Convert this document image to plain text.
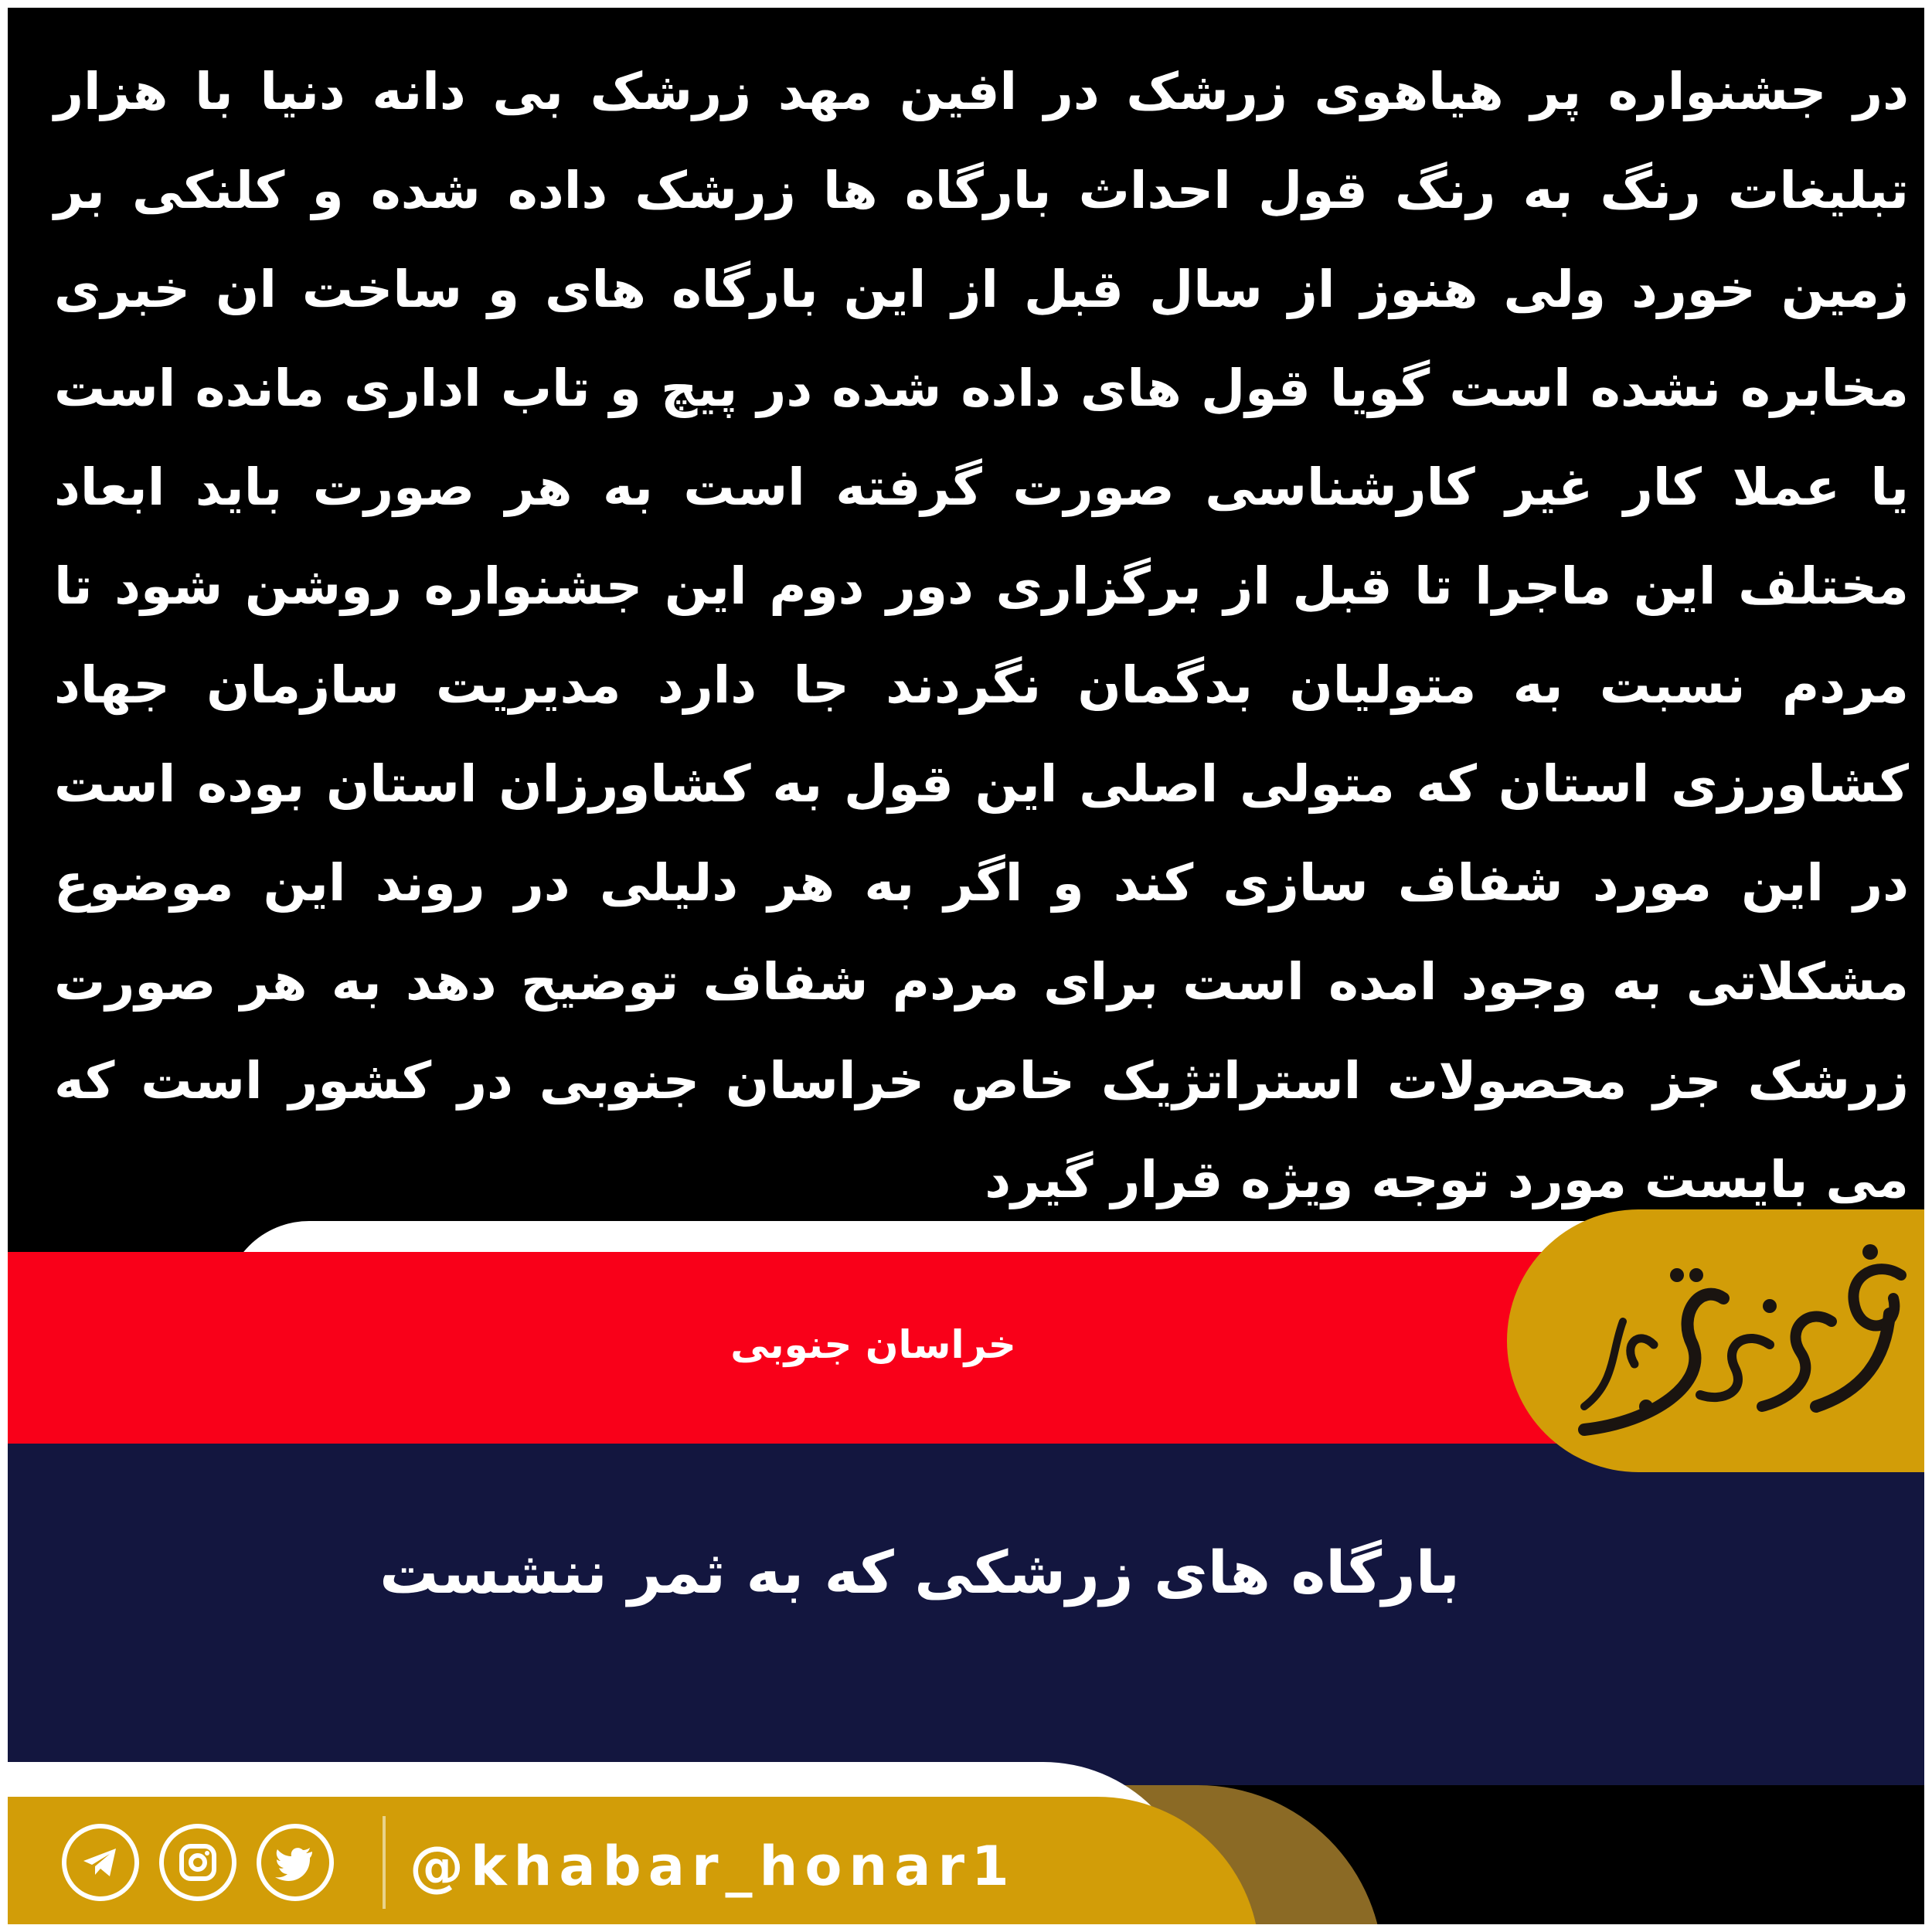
در جشنواره پر هیاهوی زرشک در افین مهد زرشک بی دانه دنیا با هزار تبلیغات رنگ به رنگ قول احداث بارگاه ها زرشک داده شده و کلنکی بر زمین خورد ولی هنوز از سال قبل از این بارگاه های و ساخت ان خبری مخابره نشده است گویا قول های داده شده در پیچ و تاب اداری مانده است یا عملا کار غیر کارشناسی صورت گرفته است به هر صورت باید ابعاد مختلف این ماجرا تا قبل از برگزاری دور دوم این جشنواره روشن شود تا مردم نسبت به متولیان بدگمان نگردند جا دارد مدیریت سازمان جهاد کشاورزی استان که متولی اصلی این قول به کشاورزان استان بوده است در این مورد شفاف سازی کند و اگر به هر دلیلی در روند این موضوع مشکلاتی به وجود امده است برای مردم شفاف توضیح دهد به هر صورت زرشک جز محصولات استراتژیک خاص خراسان جنوبی در کشور است که می بایست مورد توجه ویژه قرار گیرد

خراسان جنوبی
بارگاه های زرشکی که به ثمر ننشست
@khabar_honar1
